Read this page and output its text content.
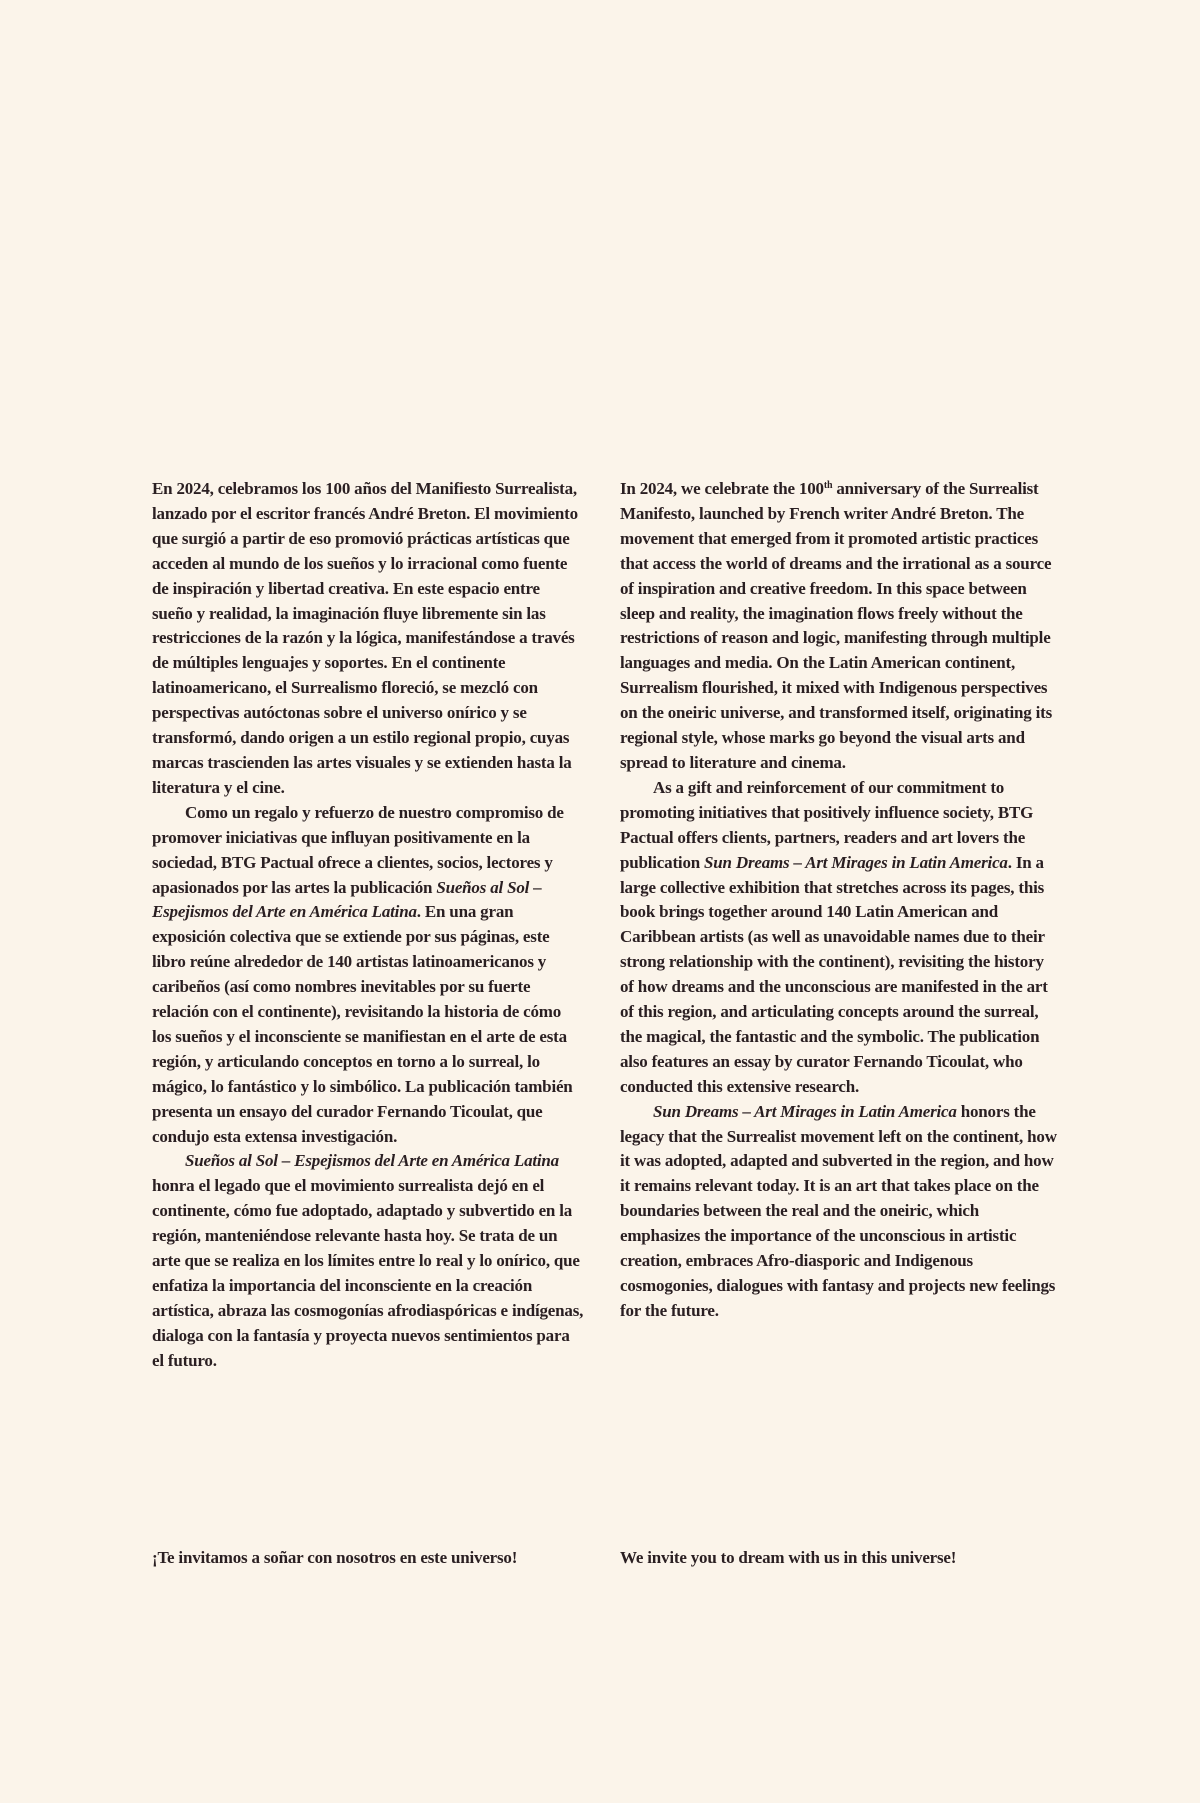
En 2024, celebramos los 100 años del Manifiesto Surrealista, lanzado por el escritor francés André Breton. El movimiento que surgió a partir de eso promovió prácticas artísticas que acceden al mundo de los sueños y lo irracional como fuente de inspiración y libertad creativa. En este espacio entre sueño y realidad, la imaginación fluye libremente sin las restricciones de la razón y la lógica, manifestándose a través de múltiples lenguajes y soportes. En el continente latinoamericano, el Surrealismo floreció, se mezcló con perspectivas autóctonas sobre el universo onírico y se transformó, dando origen a un estilo regional propio, cuyas marcas trascienden las artes visuales y se extienden hasta la literatura y el cine.

Como un regalo y refuerzo de nuestro compromiso de promover iniciativas que influyan positivamente en la sociedad, BTG Pactual ofrece a clientes, socios, lectores y apasionados por las artes la publicación Sueños al Sol – Espejismos del Arte en América Latina. En una gran exposición colectiva que se extiende por sus páginas, este libro reúne alrededor de 140 artistas latinoamericanos y caribeños (así como nombres inevitables por su fuerte relación con el continente), revisitando la historia de cómo los sueños y el inconsciente se manifiestan en el arte de esta región, y articulando conceptos en torno a lo surreal, lo mágico, lo fantástico y lo simbólico. La publicación también presenta un ensayo del curador Fernando Ticoulat, que condujo esta extensa investigación.

Sueños al Sol – Espejismos del Arte en América Latina honra el legado que el movimiento surrealista dejó en el continente, cómo fue adoptado, adaptado y subvertido en la región, manteniéndose relevante hasta hoy. Se trata de un arte que se realiza en los límites entre lo real y lo onírico, que enfatiza la importancia del inconsciente en la creación artística, abraza las cosmogonías afrodiaspóricas e indígenas, dialoga con la fantasía y proyecta nuevos sentimientos para el futuro.

In 2024, we celebrate the 100th anniversary of the Surrealist Manifesto, launched by French writer André Breton. The movement that emerged from it promoted artistic practices that access the world of dreams and the irrational as a source of inspiration and creative freedom. In this space between sleep and reality, the imagination flows freely without the restrictions of reason and logic, manifesting through multiple languages and media. On the Latin American continent, Surrealism flourished, it mixed with Indigenous perspectives on the oneiric universe, and transformed itself, originating its regional style, whose marks go beyond the visual arts and spread to literature and cinema.

As a gift and reinforcement of our commitment to promoting initiatives that positively influence society, BTG Pactual offers clients, partners, readers and art lovers the publication Sun Dreams – Art Mirages in Latin America. In a large collective exhibition that stretches across its pages, this book brings together around 140 Latin American and Caribbean artists (as well as unavoidable names due to their strong relationship with the continent), revisiting the history of how dreams and the unconscious are manifested in the art of this region, and articulating concepts around the surreal, the magical, the fantastic and the symbolic. The publication also features an essay by curator Fernando Ticoulat, who conducted this extensive research.

Sun Dreams – Art Mirages in Latin America honors the legacy that the Surrealist movement left on the continent, how it was adopted, adapted and subverted in the region, and how it remains relevant today. It is an art that takes place on the boundaries between the real and the oneiric, which emphasizes the importance of the unconscious in artistic creation, embraces Afro-diasporic and Indigenous cosmogonies, dialogues with fantasy and projects new feelings for the future.

¡Te invitamos a soñar con nosotros en este universo!	We invite you to dream with us in this universe!
